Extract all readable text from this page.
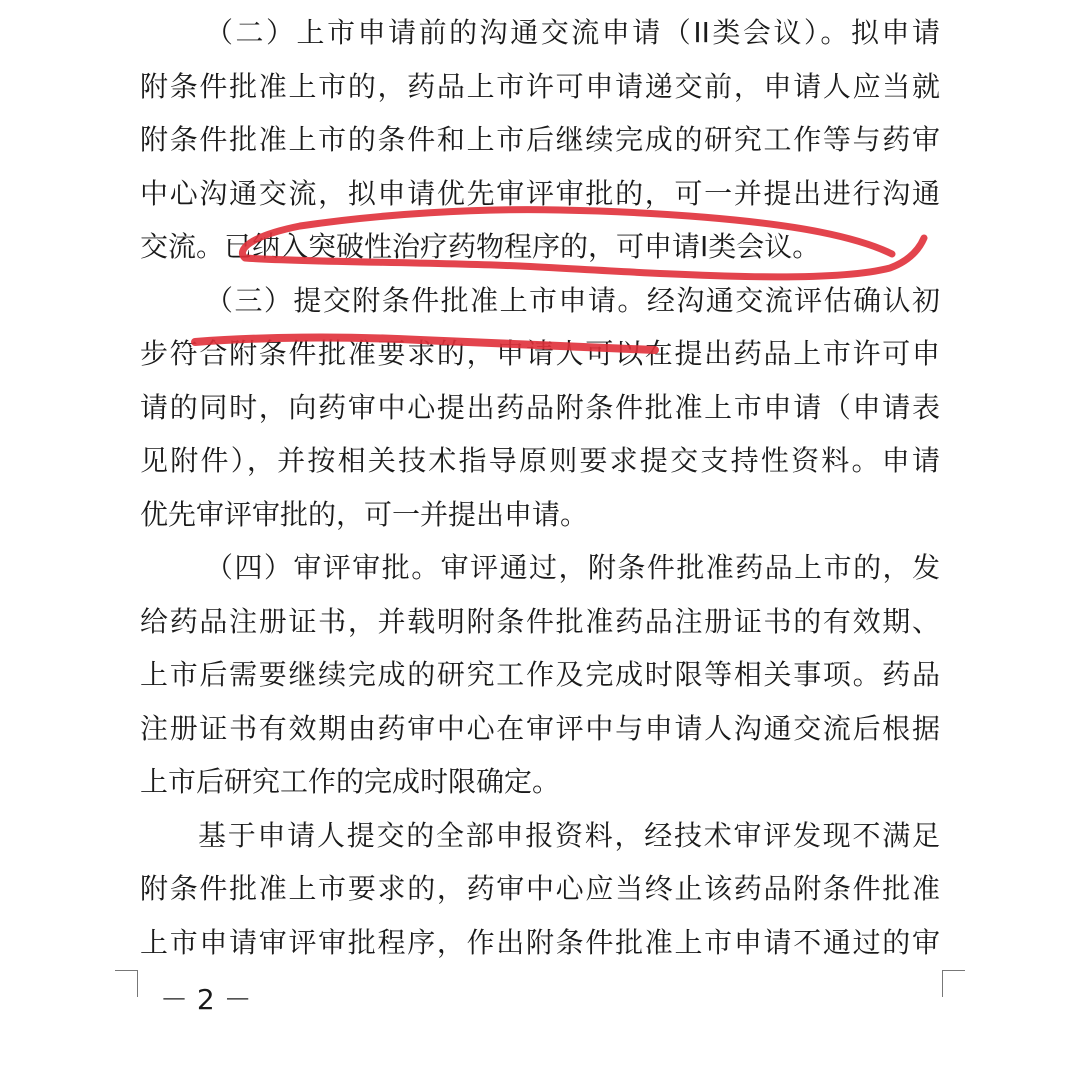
（二）上市申请前的沟通交流申请（II类会议）。拟申请
附条件批准上市的，药品上市许可申请递交前，申请人应当就
附条件批准上市的条件和上市后继续完成的研究工作等与药审
中心沟通交流，拟申请优先审评审批的，可一并提出进行沟通
交流。已纳入突破性治疗药物程序的，可申请I类会议。
（三）提交附条件批准上市申请。经沟通交流评估确认初
步符合附条件批准要求的，申请人可以在提出药品上市许可申
请的同时，向药审中心提出药品附条件批准上市申请（申请表
见附件），并按相关技术指导原则要求提交支持性资料。申请
优先审评审批的，可一并提出申请。
（四）审评审批。审评通过，附条件批准药品上市的，发
给药品注册证书，并载明附条件批准药品注册证书的有效期、
上市后需要继续完成的研究工作及完成时限等相关事项。药品
注册证书有效期由药审中心在审评中与申请人沟通交流后根据
上市后研究工作的完成时限确定。
基于申请人提交的全部申报资料，经技术审评发现不满足
附条件批准上市要求的，药审中心应当终止该药品附条件批准
上市申请审评审批程序，作出附条件批准上市申请不通过的审
－ 2 －
